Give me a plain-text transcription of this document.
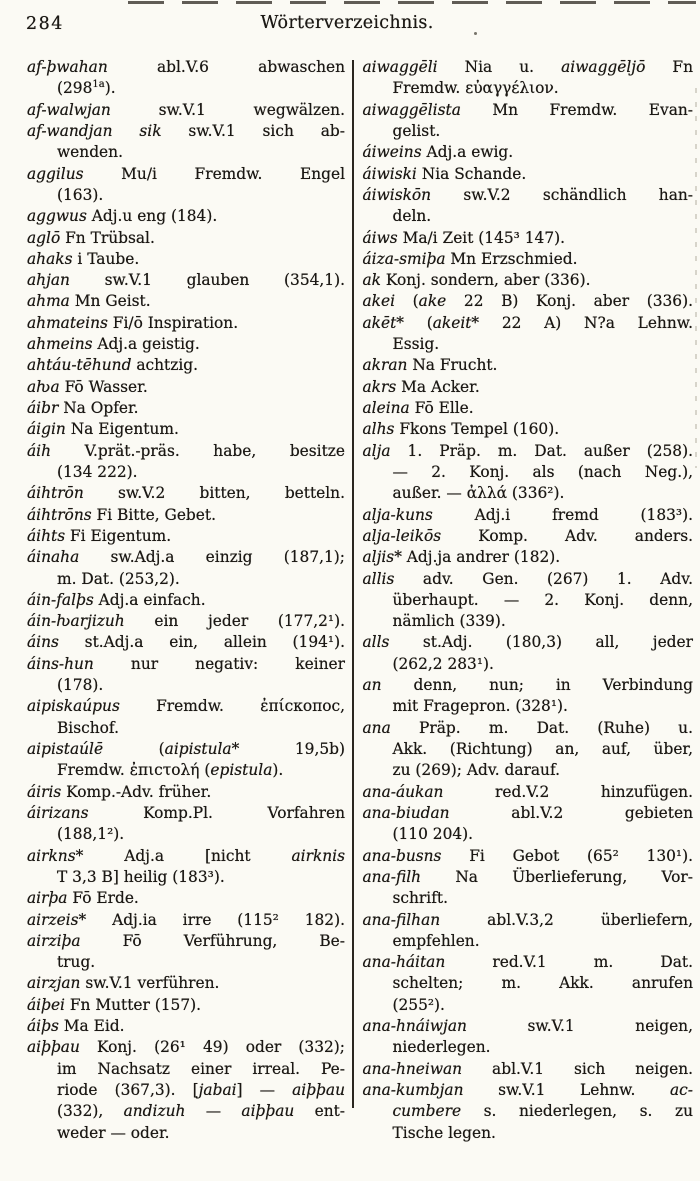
Wörterverzeichnis.
284
af-þwahan abl.V.6 abwaschen
$(298^{1a})$.
af-walwjan sw.V.1 wegwälzen.
af-wandjan sik sw.V.1 sich ab-
wenden.
aggilus Mu/i Fremdw. Engel
(163).
aggwus Adj.u eng (184).
aglō Fn Trübsal.
ahaks i Taube.
ahjan sw.V.1 glauben (354,1).
ahma Mn Geist.
ahmateins Fi/ō Inspiration.
ahmeins Adj.a geistig.
ahtáu-tēhund achtzig.
aƕa Fō Wasser.
áibr Na Opfer.
áigin Na Eigentum.
áih V.prät.-präs. habe, besitze
(134 222).
áihtrōn sw.V.2 bitten, betteln.
áihtrōns Fi Bitte, Gebet.
áihts Fi Eigentum.
áinaha sw.Adj.a einzig (187,1);
m. Dat. (253,2).
áin-falþs Adj.a einfach.
áin-ƕarjizuh ein jeder (177,2¹).
áins st.Adj.a ein, allein (194¹).
áins-hun nur negativ: keiner
(178).
aipiskaúpus Fremdw. ἐπίϲκοποϲ,
Bischof.
aipistaúlē (aipistula* 19,5b)
Fremdw. ἐπιϲτολή (epistula).
áiris Komp.-Adv. früher.
áirizans Komp.Pl. Vorfahren
(188,1²).
airkns* Adj.a [nicht airknis
T 3,3 B] heilig (183³).
airþa Fō Erde.
airzeis* Adj.ia irre (115² 182).
airziþa Fō Verführung, Be-
trug.
airzjan sw.V.1 verführen.
áiþei Fn Mutter (157).
áiþs Ma Eid.
aiþþau Konj. (26¹ 49) oder (332);
im Nachsatz einer irreal. Pe-
riode (367,3). [jabai] — aiþþau
(332), andizuh — aiþþau ent-
weder — oder.
aiwaggēli Nia u. aiwaggēljō Fn
Fremdw. εὐαγγέλιον.
aiwaggēlista Mn Fremdw. Evan-
gelist.
áiweins Adj.a ewig.
áiwiski Nia Schande.
áiwiskōn sw.V.2 schändlich han-
deln.
áiws Ma/i Zeit (145³ 147).
áiza-smiþa Mn Erzschmied.
ak Konj. sondern, aber (336).
akei (ake 22 B) Konj. aber (336).
akēt* (akeit* 22 A) N?a Lehnw.
Essig.
akran Na Frucht.
akrs Ma Acker.
aleina Fō Elle.
alhs Fkons Tempel (160).
alja 1. Präp. m. Dat. außer (258).
— 2. Konj. als (nach Neg.),
außer. — ἀλλά (336²).
alja-kuns Adj.i fremd (183³).
alja-leikōs Komp. Adv. anders.
aljis* Adj.ja andrer (182).
allis adv. Gen. (267) 1. Adv.
überhaupt. — 2. Konj. denn,
nämlich (339).
alls st.Adj. (180,3) all, jeder
(262,2 283¹).
an denn, nun; in Verbindung
mit Fragepron. (328¹).
ana Präp. m. Dat. (Ruhe) u.
Akk. (Richtung) an, auf, über,
zu (269); Adv. darauf.
ana-áukan red.V.2 hinzufügen.
ana-biudan abl.V.2 gebieten
(110 204).
ana-busns Fi Gebot (65² 130¹).
ana-filh Na Überlieferung, Vor-
schrift.
ana-filhan abl.V.3,2 überliefern,
empfehlen.
ana-háitan red.V.1 m. Dat.
schelten; m. Akk. anrufen
(255²).
ana-hnáiwjan sw.V.1 neigen,
niederlegen.
ana-hneiwan abl.V.1 sich neigen.
ana-kumbjan sw.V.1 Lehnw. ac-
cumbere s. niederlegen, s. zu
Tische legen.
